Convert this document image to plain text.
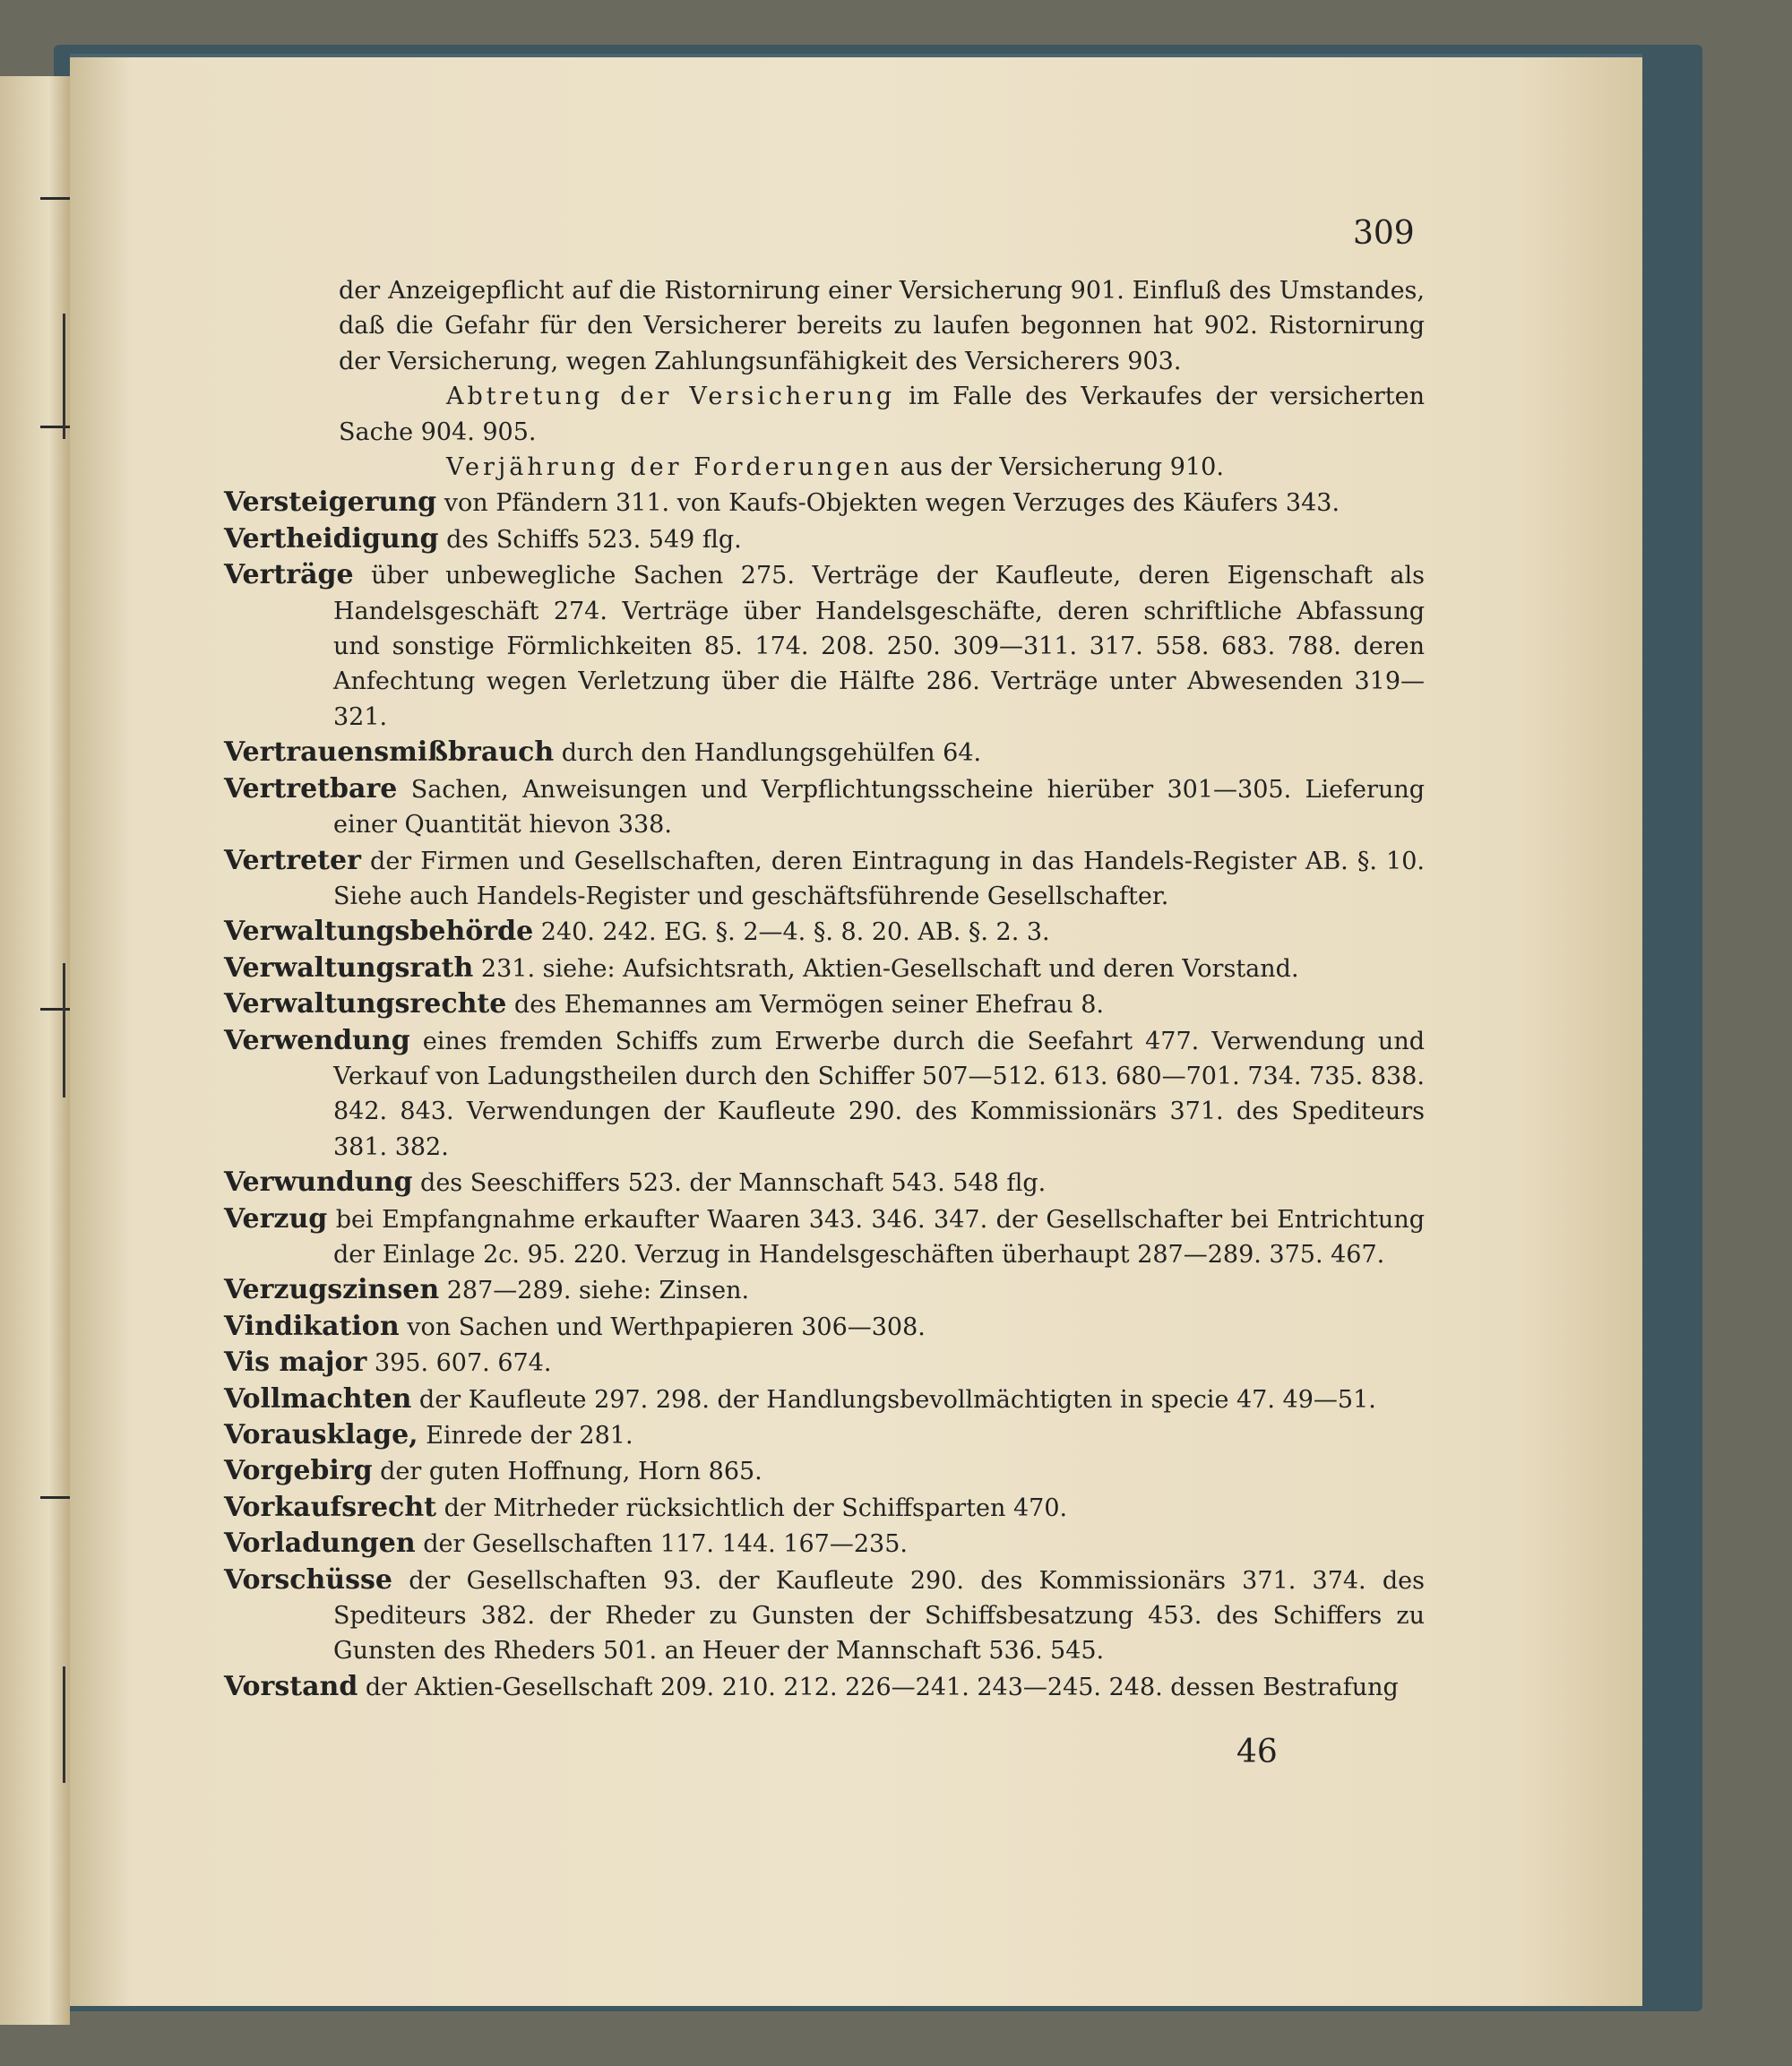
309
der Anzeigepflicht auf die Ristornirung einer Versicherung 901. Einfluß des Umstandes, daß die Gefahr für den Versicherer bereits zu laufen begonnen hat 902. Ristornirung der Versicherung, wegen Zahlungsunfähigkeit des Versicherers 903.
Abtretung der Versicherung im Falle des Verkaufes der versicherten Sache 904. 905.
Verjährung der Forderungen aus der Versicherung 910.
Versteigerung von Pfändern 311. von Kaufs-Objekten wegen Verzuges des Käufers 343.
Vertheidigung des Schiffs 523. 549 flg.
Verträge über unbewegliche Sachen 275. Verträge der Kaufleute, deren Eigenschaft als Handelsgeschäft 274. Verträge über Handelsgeschäfte, deren schriftliche Abfassung und sonstige Förmlichkeiten 85. 174. 208. 250. 309—311. 317. 558. 683. 788. deren Anfechtung wegen Verletzung über die Hälfte 286. Verträge unter Abwesenden 319—321.
Vertrauensmißbrauch durch den Handlungsgehülfen 64.
Vertretbare Sachen, Anweisungen und Verpflichtungsscheine hierüber 301—305. Lieferung einer Quantität hievon 338.
Vertreter der Firmen und Gesellschaften, deren Eintragung in das Handels-Register AB. §. 10. Siehe auch Handels-Register und geschäftsführende Gesellschafter.
Verwaltungsbehörde 240. 242. EG. §. 2—4. §. 8. 20. AB. §. 2. 3.
Verwaltungsrath 231. siehe: Aufsichtsrath, Aktien-Gesellschaft und deren Vorstand.
Verwaltungsrechte des Ehemannes am Vermögen seiner Ehefrau 8.
Verwendung eines fremden Schiffs zum Erwerbe durch die Seefahrt 477. Verwendung und Verkauf von Ladungstheilen durch den Schiffer 507—512. 613. 680—701. 734. 735. 838. 842. 843. Verwendungen der Kaufleute 290. des Kommissionärs 371. des Spediteurs 381. 382.
Verwundung des Seeschiffers 523. der Mannschaft 543. 548 flg.
Verzug bei Empfangnahme erkaufter Waaren 343. 346. 347. der Gesellschafter bei Entrichtung der Einlage 2c. 95. 220. Verzug in Handelsgeschäften überhaupt 287—289. 375. 467.
Verzugszinsen 287—289. siehe: Zinsen.
Vindikation von Sachen und Werthpapieren 306—308.
Vis major 395. 607. 674.
Vollmachten der Kaufleute 297. 298. der Handlungsbevollmächtigten in specie 47. 49—51.
Vorausklage, Einrede der 281.
Vorgebirg der guten Hoffnung, Horn 865.
Vorkaufsrecht der Mitrheder rücksichtlich der Schiffsparten 470.
Vorladungen der Gesellschaften 117. 144. 167—235.
Vorschüsse der Gesellschaften 93. der Kaufleute 290. des Kommissionärs 371. 374. des Spediteurs 382. der Rheder zu Gunsten der Schiffsbesatzung 453. des Schiffers zu Gunsten des Rheders 501. an Heuer der Mannschaft 536. 545.
Vorstand der Aktien-Gesellschaft 209. 210. 212. 226—241. 243—245. 248. dessen Bestrafung
46
